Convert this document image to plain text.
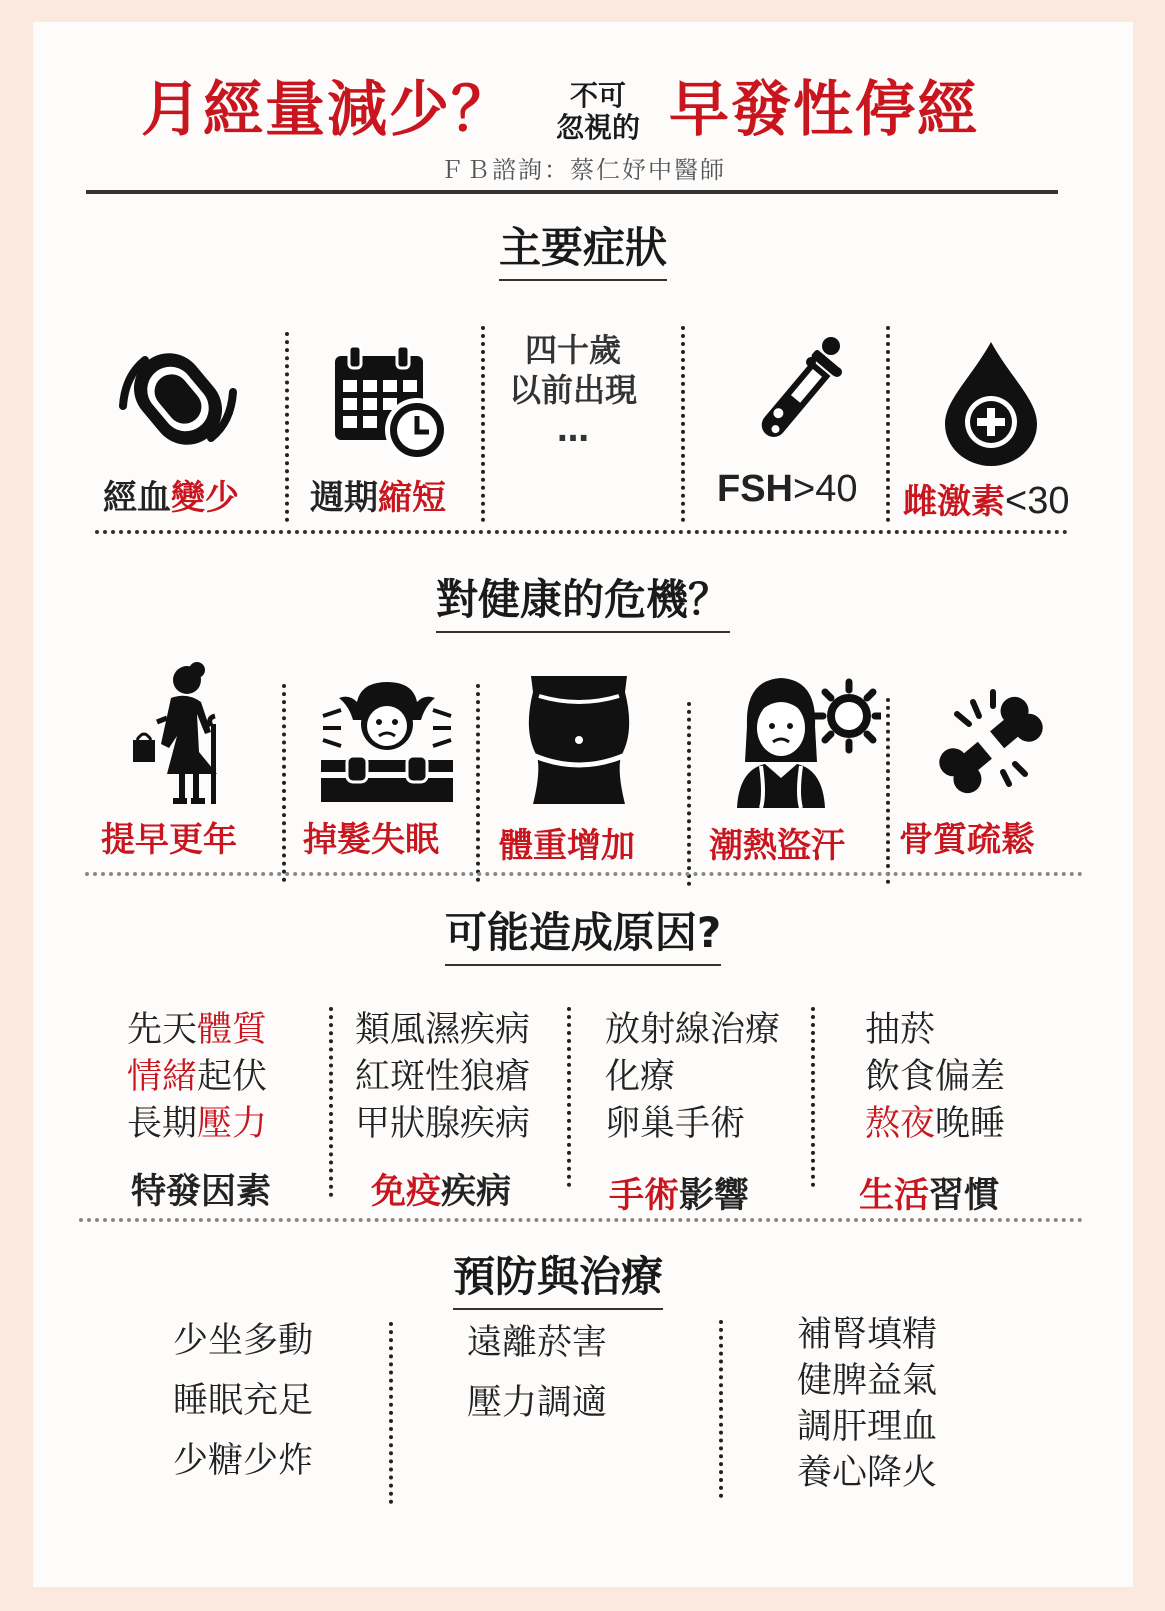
月經量減少？	不可
忽視的 早發性停經
ＦＢ諮詢：蔡仁妤中醫師
主要症狀
經血變少 週期縮短
四十歲
以前出現
…
FSH>40 雌激素<30
對健康的危機？
提早更年 掉髮失眠 體重增加 潮熱盜汗 骨質疏鬆
可能造成原因?
先天體質
情緒起伏
長期壓力
特發因素
類風濕疾病
紅斑性狼瘡
甲狀腺疾病
免疫疾病
放射線治療
化療
卵巢手術
手術影響
抽菸
飲食偏差
熬夜晚睡
生活習慣
預防與治療
少坐多動
睡眠充足
少糖少炸
遠離菸害
壓力調適
補腎填精
健脾益氣
調肝理血
養心降火
